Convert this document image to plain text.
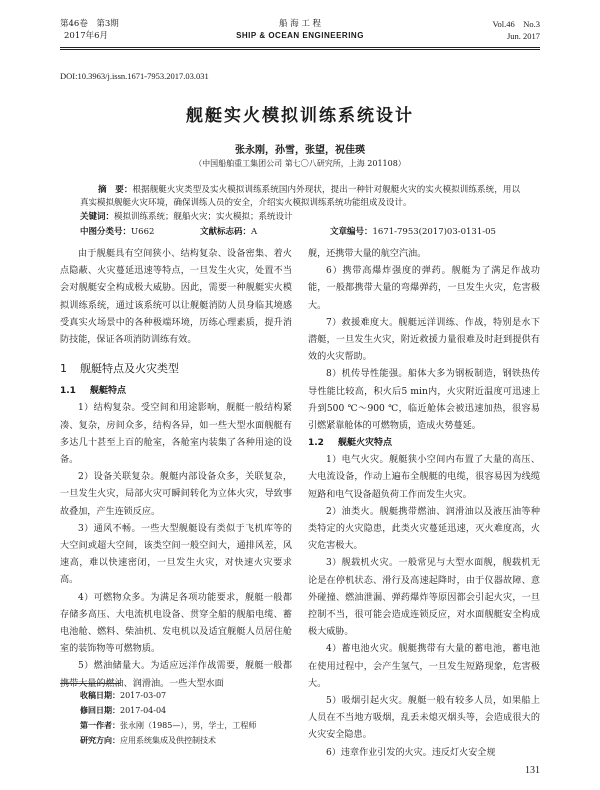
第46卷　第3期
2017年6月
船 海 工 程
SHIP & OCEAN ENGINEERING
Vol.46　No.3
Jun. 2017
DOI:10.3963/j.issn.1671-7953.2017.03.031
舰艇实火模拟训练系统设计
张永刚，孙雪，张望，祝佳瑛
（中国船舶重工集团公司 第七〇八研究所，上海 201108）
摘　要：根据舰艇火灾类型及实火模拟训练系统国内外现状，提出一种针对舰艇火灾的实火模拟训练系统，用以真实模拟舰艇火灾环境，确保训练人员的安全，介绍实火模拟训练系统功能组成及设计。
关键词：模拟训练系统；舰船火灾；实火模拟；系统设计
中图分类号：U662	文献标志码：A	文章编号：1671-7953(2017)03-0131-05

由于舰艇具有空间狭小、结构复杂、设备密集、着火点隐蔽、火灾蔓延迅速等特点，一旦发生火灾，处置不当会对舰艇安全构成极大威胁。因此，需要一种舰艇实火模拟训练系统，通过该系统可以让舰艇消防人员身临其境感受真实火场景中的各种极端环境，历练心理素质，提升消防技能，保证各项消防训练有效。

1 舰艇特点及火灾类型
1.1 舰艇特点

1）结构复杂。受空间和用途影响，舰艇一般结构紧凑、复杂，房间众多，结构各异，如一些大型水面舰艇有多达几十甚至上百的舱室，各舱室内装集了各种用途的设备。

2）设备关联复杂。舰艇内部设备众多，关联复杂，一旦发生火灾，局部火灾可瞬间转化为立体火灾，导致事故叠加，产生连锁反应。

3）通风不畅。一些大型舰艇设有类似于飞机库等的大空间或超大空间，该类空间一般空间大，通排风差，风速高，难以快速密闭，一旦发生火灾，对快速火灾要求高。

4）可燃物众多。为满足各项功能要求，舰艇一般都存储多高压、大电流机电设备、贯穿全船的舰船电缆、蓄电池舱、燃料、柴油机、发电机以及适宜舰艇人员居住舱室的装饰物等可燃物质。

5）燃油储量大。为适应远洋作战需要，舰艇一般都携带大量的燃油、润滑油。一些大型水面

舰，还携带大量的航空汽油。

6）携带高爆炸强度的弹药。舰艇为了满足作战功能，一般都携带大量的弯爆弹药，一旦发生火灾，危害极大。

7）救援难度大。舰艇远洋训练、作战，特别是水下潜艇，一旦发生火灾，附近救援力量很难及时赶到提供有效的火灾帮助。

8）机传导性能强。船体大多为钢板制造，钢铁热传导性能比较高，积火后5 min内，火灾附近温度可迅速上升到500 ℃～900 ℃，临近舱体会被迅速加热，很容易引燃紧靠舱体的可燃物质，造成火势蔓延。

1.2 舰艇火灾特点

1）电气火灾。舰艇狭小空间内布置了大量的高压、大电流设备，作动上遍布全舰艇的电缆，很容易因为线缆短路和电气设备超负荷工作而发生火灾。

2）油类火。舰艇携带燃油、润滑油以及液压油等种类特定的火灾隐患，此类火灾蔓延迅速，灭火难度高，火灾危害极大。

3）舰载机火灾。一般常见与大型水面舰，舰载机无论是在停机状态、滑行及高速起降时，由于仪器故障、意外碰撞、燃油泄漏、弹药爆炸等原因都会引起火灾，一旦控制不当，很可能会造成连锁反应，对水面舰艇安全构成极大威胁。

4）蓄电池火灾。舰艇携带有大量的蓄电池，蓄电池在使用过程中，会产生氢气，一旦发生短路现象，危害极大。

5）吸烟引起火灾。舰艇一般有较多人员，如果船上人员在不当地方吸烟，乱丢未熄灭烟头等，会造成很大的火灾安全隐患。

6）违章作业引发的火灾。违反灯火安全规

收稿日期：2017-03-07
修回日期：2017-04-04
第一作者：张永刚（1985—），男，学士，工程师
研究方向：应用系统集成及供控制技术
131
